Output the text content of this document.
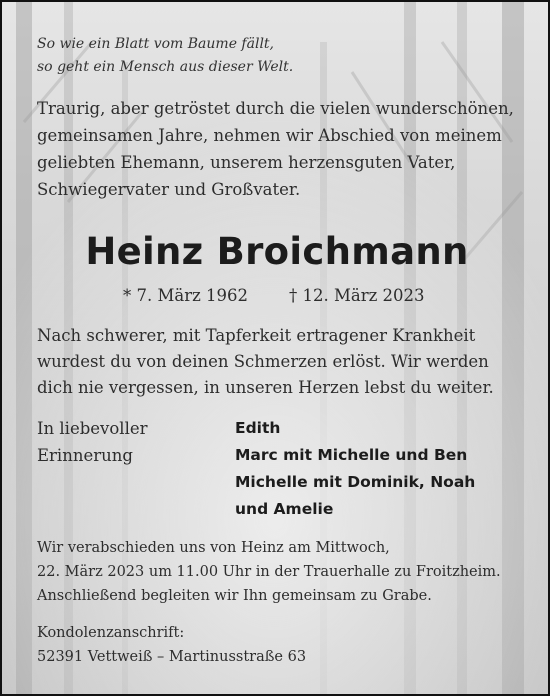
So wie ein Blatt vom Baume fällt,
so geht ein Mensch aus dieser Welt.
Traurig, aber getröstet durch die vielen wunderschönen,
gemeinsamen Jahre, nehmen wir Abschied von meinem
geliebten Ehemann, unserem herzensguten Vater,
Schwiegervater und Großvater.
Heinz Broichmann
* 7. März 1962 † 12. März 2023
Nach schwerer, mit Tapferkeit ertragener Krankheit
wurdest du von deinen Schmerzen erlöst. Wir werden
dich nie vergessen, in unseren Herzen lebst du weiter.
In liebevoller
Erinnerung
Edith
Marc mit Michelle und Ben
Michelle mit Dominik, Noah
und Amelie
Wir verabschieden uns von Heinz am Mittwoch,
22. März 2023 um 11.00 Uhr in der Trauerhalle zu Froitzheim.
Anschließend begleiten wir Ihn gemeinsam zu Grabe.
Kondolenzanschrift:
52391 Vettweiß – Martinusstraße 63
